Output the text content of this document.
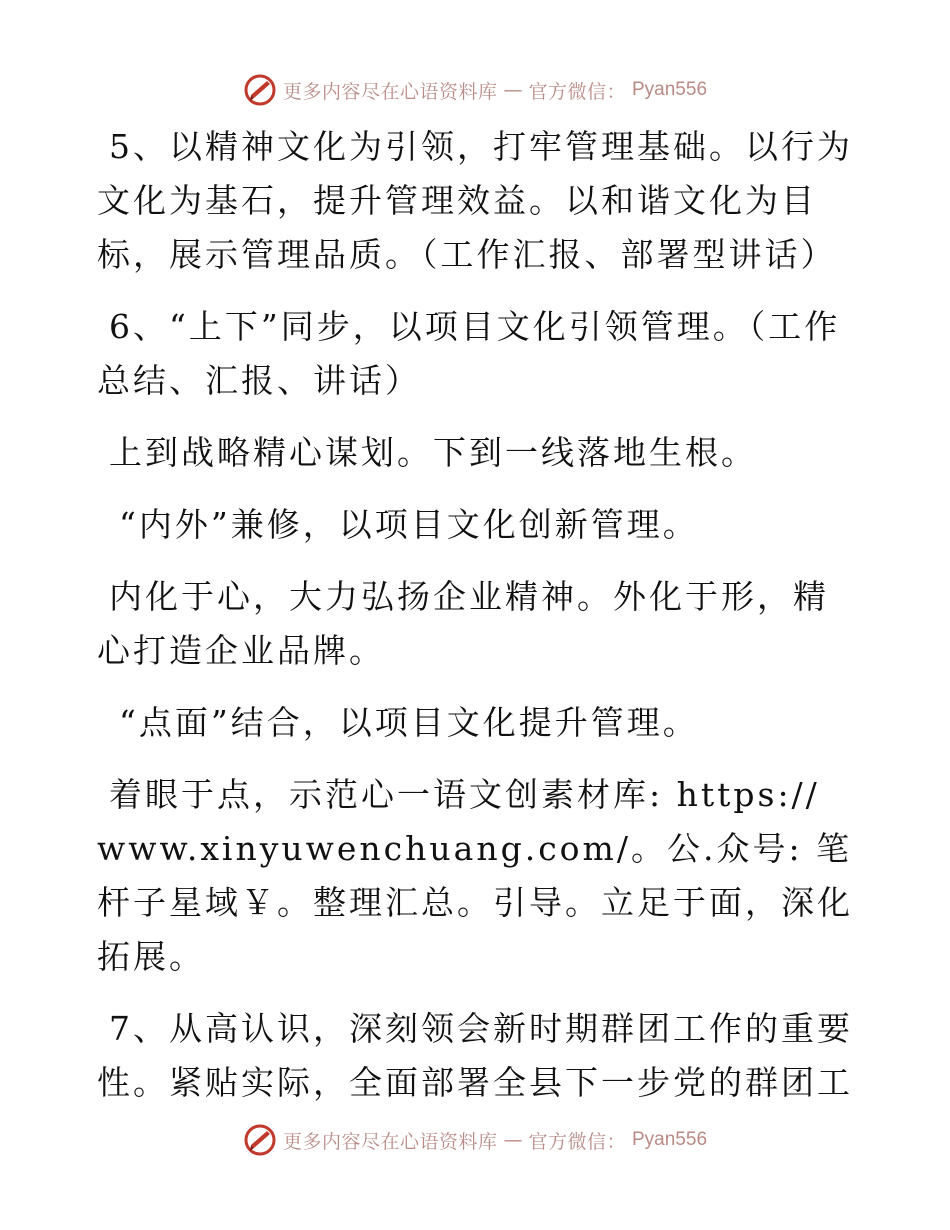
更多内容尽在心语资料库 — 官方微信： Pyan556

5、以精神文化为引领，打牢管理基础。以行为文化为基石，提升管理效益。以和谐文化为目标，展示管理品质。（工作汇报、部署型讲话）

6、“上下”同步，以项目文化引领管理。（工作总结、汇报、讲话）

上到战略精心谋划。下到一线落地生根。

“内外”兼修，以项目文化创新管理。

内化于心，大力弘扬企业精神。外化于形，精心打造企业品牌。

“点面”结合，以项目文化提升管理。

着眼于点，示范心一语文创素材库: https:// www.xinyuwenchuang.com/。公.众号: 笔杆子星域￥。整理汇总。引导。立足于面，深化拓展。

7、从高认识，深刻领会新时期群团工作的重要性。紧贴实际，全面部署全县下一步党的群团工

更多内容尽在心语资料库 — 官方微信： Pyan556
